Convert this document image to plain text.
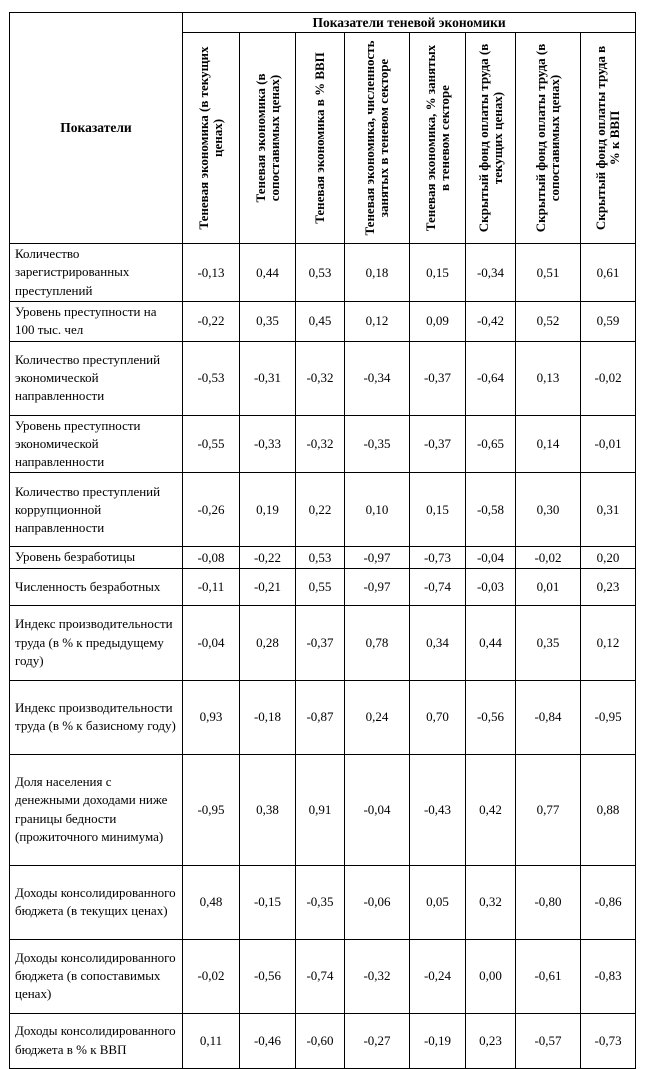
Показатели	Показатели теневой экономики							

	Теневая экономика (в текущих ценах)	Теневая экономика (в сопоставимых ценах)	Теневая экономика в % ВВП	Теневая экономика, численность занятых в теневом секторе	Теневая экономика, % занятых в теневом секторе	Скрытый фонд оплаты труда (в текущих ценах)	Скрытый фонд оплаты труда (в сопоставимых ценах)	Скрытый фонд оплаты труда в % к ВВП

Количество зарегистрированных преступлений	-0,13	0,44	0,53	0,18	0,15	-0,34	0,51	0,61
Уровень преступности на 100 тыс. чел	-0,22	0,35	0,45	0,12	0,09	-0,42	0,52	0,59
Количество преступлений экономической направленности	-0,53	-0,31	-0,32	-0,34	-0,37	-0,64	0,13	-0,02
Уровень преступности экономической направленности	-0,55	-0,33	-0,32	-0,35	-0,37	-0,65	0,14	-0,01
Количество преступлений коррупционной направленности	-0,26	0,19	0,22	0,10	0,15	-0,58	0,30	0,31
Уровень безработицы	-0,08	-0,22	0,53	-0,97	-0,73	-0,04	-0,02	0,20
Численность безработных	-0,11	-0,21	0,55	-0,97	-0,74	-0,03	0,01	0,23
Индекс производительности труда (в % к предыдущему году)	-0,04	0,28	-0,37	0,78	0,34	0,44	0,35	0,12
Индекс производительности труда (в % к базисному году)	0,93	-0,18	-0,87	0,24	0,70	-0,56	-0,84	-0,95
Доля населения с денежными доходами ниже границы бедности (прожиточного минимума)	-0,95	0,38	0,91	-0,04	-0,43	0,42	0,77	0,88
Доходы консолидированного бюджета (в текущих ценах)	0,48	-0,15	-0,35	-0,06	0,05	0,32	-0,80	-0,86
Доходы консолидированного бюджета (в сопоставимых ценах)	-0,02	-0,56	-0,74	-0,32	-0,24	0,00	-0,61	-0,83
Доходы консолидированного бюджета в % к ВВП	0,11	-0,46	-0,60	-0,27	-0,19	0,23	-0,57	-0,73
